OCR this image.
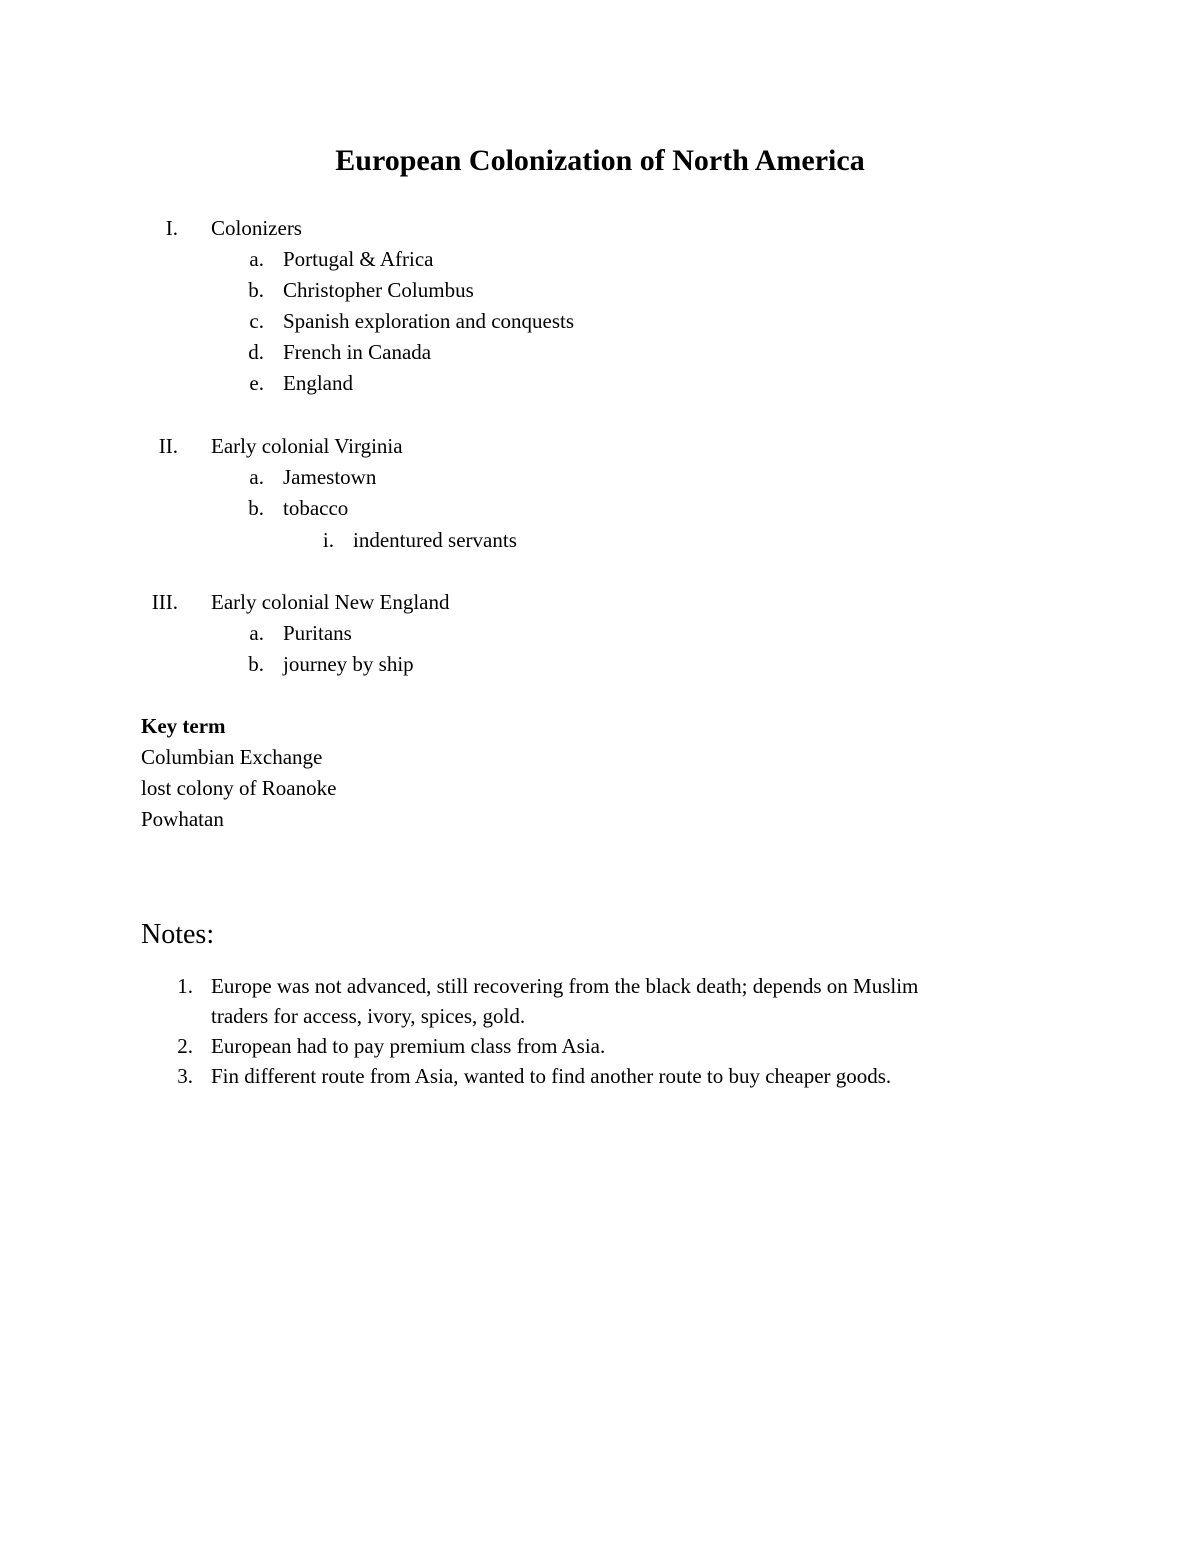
European Colonization of North America
I. Colonizers
a. Portugal & Africa
b. Christopher Columbus
c. Spanish exploration and conquests
d. French in Canada
e. England
II. Early colonial Virginia
a. Jamestown
b. tobacco
i. indentured servants
III. Early colonial New England
a. Puritans
b. journey by ship
Key term
Columbian Exchange
lost colony of Roanoke
Powhatan
Notes:
1. Europe was not advanced, still recovering from the black death; depends on Muslim
traders for access, ivory, spices, gold.
2. European had to pay premium class from Asia.
3. Fin different route from Asia, wanted to find another route to buy cheaper goods.
